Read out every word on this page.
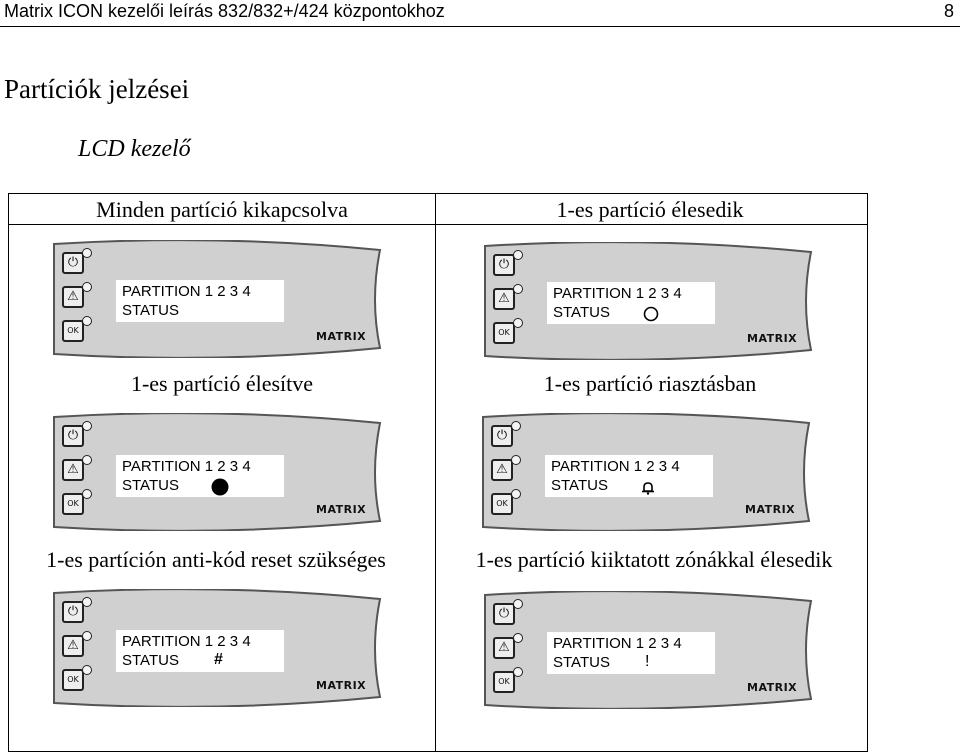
Matrix ICON kezelői leírás 832/832+/424 központokhoz	8
Partíciók jelzései
LCD kezelő
Minden partíció kikapcsolva	1-es partíció élesedik
1-es partíció élesítve	1-es partíció riasztásban
1-es partíción anti-kód reset szükséges	1-es partíció kiiktatott zónákkal élesedik
⏻
⚠
OK
PARTITION 1 2 3 4
STATUS
MATRIX
⏻
⚠
OK
PARTITION 1 2 3 4
STATUS
MATRIX
⏻
⚠
OK
PARTITION 1 2 3 4
STATUS
MATRIX
⏻
⚠
OK
PARTITION 1 2 3 4
STATUS
MATRIX
⏻
⚠
OK
PARTITION 1 2 3 4
STATUS #
MATRIX
⏻
⚠
OK
PARTITION 1 2 3 4
STATUS !
MATRIX
